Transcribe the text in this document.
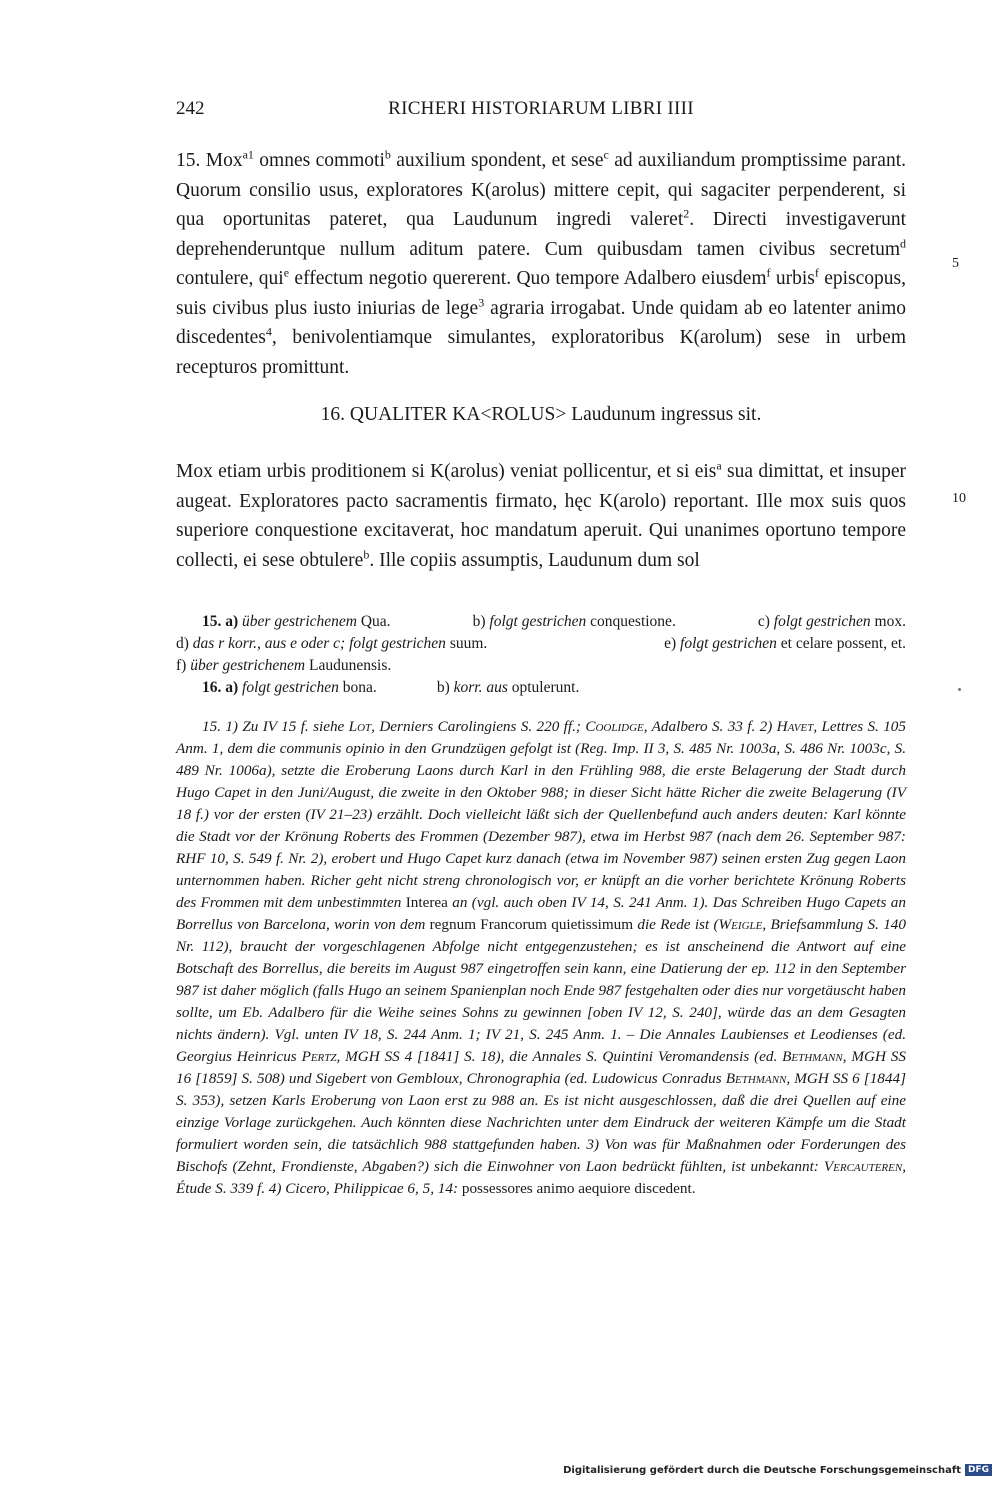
242	RICHERI HISTORIARUM LIBRI IIII

15. Mox$^{a1}$ omnes commoti$^b$ auxilium spondent, et sese$^c$ ad auxiliandum promptissime parant. Quorum consilio usus, exploratores K(arolus) mittere cepit, qui sagaciter perpenderent, si qua oportunitas pateret, qua Laudunum ingredi valeret$^2$. Directi investigaverunt deprehenderuntque nullum aditum patere. Cum quibusdam tamen civibus secretum$^d$ contulere, qui$^e$ effectum negotio quererent. Quo tempore Adalbero eiusdem$^f$ urbis$^f$ episcopus, suis civibus plus iusto iniurias de lege$^3$ agraria irrogabat. Unde quidam ab eo latenter animo discedentes$^4$, benivolentiamque simulantes, exploratoribus K(arolum) sese in urbem recepturos promittunt.

5
16. QUALITER KA<ROLUS> Laudunum ingressus sit.

Mox etiam urbis proditionem si K(arolus) veniat pollicentur, et si eis$^a$ sua dimittat, et insuper augeat. Exploratores pacto sacramentis firmato, hęc K(arolo) reportant. Ille mox suis quos superiore conquestione excitaverat, hoc mandatum aperuit. Qui unanimes oportuno tempore collecti, ei sese obtulere$^b$. Ille copiis assumptis, Laudunum dum sol

10
15. a) über gestrichenem Qua.	b) folgt gestrichen conquestione.	c) folgt gestrichen mox.
d) das r korr., aus e oder c; folgt gestrichen suum.	e) folgt gestrichen et celare possent, et.
f) über gestrichenem Laudunensis.
16. a) folgt gestrichen bona.	b) korr. aus optulerunt.

15. 1) Zu IV 15 f. siehe Lot, Derniers Carolingiens S. 220 ff.; Coolidge, Adalbero S. 33 f. 2) Havet, Lettres S. 105 Anm. 1, dem die communis opinio in den Grundzügen gefolgt ist (Reg. Imp. II 3, S. 485 Nr. 1003a, S. 486 Nr. 1003c, S. 489 Nr. 1006a), setzte die Eroberung Laons durch Karl in den Frühling 988, die erste Belagerung der Stadt durch Hugo Capet in den Juni/August, die zweite in den Oktober 988; in dieser Sicht hätte Richer die zweite Belagerung (IV 18 f.) vor der ersten (IV 21–23) erzählt. Doch vielleicht läßt sich der Quellenbefund auch anders deuten: Karl könnte die Stadt vor der Krönung Roberts des Frommen (Dezember 987), etwa im Herbst 987 (nach dem 26. September 987: RHF 10, S. 549 f. Nr. 2), erobert und Hugo Capet kurz danach (etwa im November 987) seinen ersten Zug gegen Laon unternommen haben. Richer geht nicht streng chronologisch vor, er knüpft an die vorher berichtete Krönung Roberts des Frommen mit dem unbestimmten Interea an (vgl. auch oben IV 14, S. 241 Anm. 1). Das Schreiben Hugo Capets an Borrellus von Barcelona, worin von dem regnum Francorum quietissimum die Rede ist (Weigle, Briefsammlung S. 140 Nr. 112), braucht der vorgeschlagenen Abfolge nicht entgegenzustehen; es ist anscheinend die Antwort auf eine Botschaft des Borrellus, die bereits im August 987 eingetroffen sein kann, eine Datierung der ep. 112 in den September 987 ist daher möglich (falls Hugo an seinem Spanienplan noch Ende 987 festgehalten oder dies nur vorgetäuscht haben sollte, um Eb. Adalbero für die Weihe seines Sohns zu gewinnen [oben IV 12, S. 240], würde das an dem Gesagten nichts ändern). Vgl. unten IV 18, S. 244 Anm. 1; IV 21, S. 245 Anm. 1. – Die Annales Laubienses et Leodienses (ed. Georgius Heinricus Pertz, MGH SS 4 [1841] S. 18), die Annales S. Quintini Veromandensis (ed. Bethmann, MGH SS 16 [1859] S. 508) und Sigebert von Gembloux, Chronographia (ed. Ludowicus Conradus Bethmann, MGH SS 6 [1844] S. 353), setzen Karls Eroberung von Laon erst zu 988 an. Es ist nicht ausgeschlossen, daß die drei Quellen auf eine einzige Vorlage zurückgehen. Auch könnten diese Nachrichten unter dem Eindruck der weiteren Kämpfe um die Stadt formuliert worden sein, die tatsächlich 988 stattgefunden haben. 3) Von was für Maßnahmen oder Forderungen des Bischofs (Zehnt, Frondienste, Abgaben?) sich die Einwohner von Laon bedrückt fühlten, ist unbekannt: Vercauteren, Étude S. 339 f. 4) Cicero, Philippicae 6, 5, 14: possessores animo aequiore discedent.

Digitalisierung gefördert durch die Deutsche Forschungsgemeinschaft DFG
